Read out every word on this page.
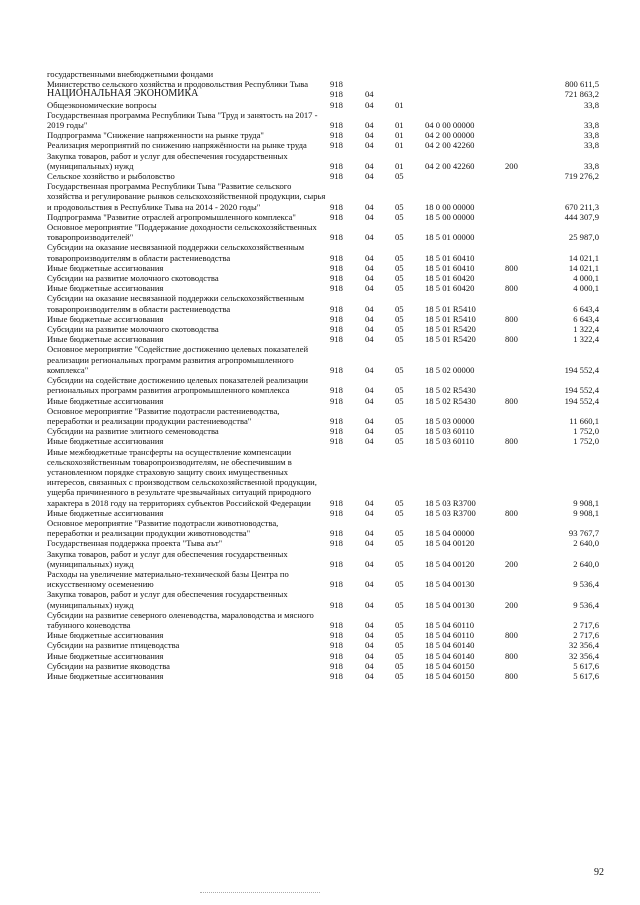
государственными внебюджетными фондами
Министерство сельского хозяйства и продовольствия Республики Тыва	918	800 611,5
НАЦИОНАЛЬНАЯ ЭКОНОМИКА	918	04	721 863,2
Общеэкономические вопросы	918	04	01	33,8
Государственная программа Республики Тыва "Труд и занятость на 2017 - 2019 годы"	918	04	01	04 0 00 00000	33,8
Подпрограмма "Снижение напряженности на рынке труда"	918	04	01	04 2 00 00000	33,8
Реализация мероприятий по снижению напряжённости на рынке труда	918	04	01	04 2 00 42260	33,8
Закупка товаров, работ и услуг для обеспечения государственных (муниципальных) нужд	918	04	01	04 2 00 42260	200	33,8
Сельское хозяйство и рыболовство	918	04	05	719 276,2
Государственная программа Республики Тыва "Развитие сельского хозяйства и регулирование рынков сельскохозяйственной продукции, сырья и продовольствия в Республике Тыва на 2014 - 2020 годы"	918	04	05	18 0 00 00000	670 211,3
Подпрограмма "Развитие отраслей агропромышленного комплекса"	918	04	05	18 5 00 00000	444 307,9
Основное мероприятие "Поддержание доходности сельскохозяйственных товаропроизводителей"	918	04	05	18 5 01 00000	25 987,0
Субсидии на оказание несвязанной поддержки сельскохозяйственным товаропроизводителям в области растениеводства	918	04	05	18 5 01 60410	14 021,1
Иные бюджетные ассигнования	918	04	05	18 5 01 60410	800	14 021,1
Субсидии на развитие молочного скотоводства	918	04	05	18 5 01 60420	4 000,1
Иные бюджетные ассигнования	918	04	05	18 5 01 60420	800	4 000,1
Субсидии на оказание несвязанной поддержки сельскохозяйственным товаропроизводителям в области растениеводства	918	04	05	18 5 01 R5410	6 643,4
Иные бюджетные ассигнования	918	04	05	18 5 01 R5410	800	6 643,4
Субсидии на развитие молочного скотоводства	918	04	05	18 5 01 R5420	1 322,4
Иные бюджетные ассигнования	918	04	05	18 5 01 R5420	800	1 322,4
Основное мероприятие "Содействие достижению целевых показателей реализации региональных программ развития агропромышленного комплекса"	918	04	05	18 5 02 00000	194 552,4
Субсидии на содействие достижению целевых показателей реализации региональных программ развития агропромышленного комплекса	918	04	05	18 5 02 R5430	194 552,4
Иные бюджетные ассигнования	918	04	05	18 5 02 R5430	800	194 552,4
Основное мероприятие "Развитие подотрасли растениеводства, переработки и реализации продукции растениеводства"	918	04	05	18 5 03 00000	11 660,1
Субсидии на развитие элитного семеноводства	918	04	05	18 5 03 60110	1 752,0
Иные бюджетные ассигнования	918	04	05	18 5 03 60110	800	1 752,0
Иные межбюджетные трансферты на осуществление компенсации сельскохозяйственным товаропроизводителям, не обеспечившим в установленном порядке страховую защиту своих имущественных интересов, связанных с производством сельскохозяйственной продукции, ущерба причиненного в результате чрезвычайных ситуаций природного характера в 2018 году на территориях субъектов Российской Федерации	918	04	05	18 5 03 R3700	9 908,1
Иные бюджетные ассигнования	918	04	05	18 5 03 R3700	800	9 908,1
Основное мероприятие "Развитие подотрасли животноводства, переработки и реализации продукции животноводства"	918	04	05	18 5 04 00000	93 767,7
Государственная поддержка проекта "Тыва аът"	918	04	05	18 5 04 00120	2 640,0
Закупка товаров, работ и услуг для обеспечения государственных (муниципальных) нужд	918	04	05	18 5 04 00120	200	2 640,0
Расходы на увеличение материально-технической базы Центра по искусственному осеменению	918	04	05	18 5 04 00130	9 536,4
Закупка товаров, работ и услуг для обеспечения государственных (муниципальных) нужд	918	04	05	18 5 04 00130	200	9 536,4
Субсидии на развитие северного оленеводства, мараловодства и мясного табунного коневодства	918	04	05	18 5 04 60110	2 717,6
Иные бюджетные ассигнования	918	04	05	18 5 04 60110	800	2 717,6
Субсидии на развитие птицеводства	918	04	05	18 5 04 60140	32 356,4
Иные бюджетные ассигнования	918	04	05	18 5 04 60140	800	32 356,4
Субсидии на развитие яководства	918	04	05	18 5 04 60150	5 617,6
Иные бюджетные ассигнования	918	04	05	18 5 04 60150	800	5 617,6
92
